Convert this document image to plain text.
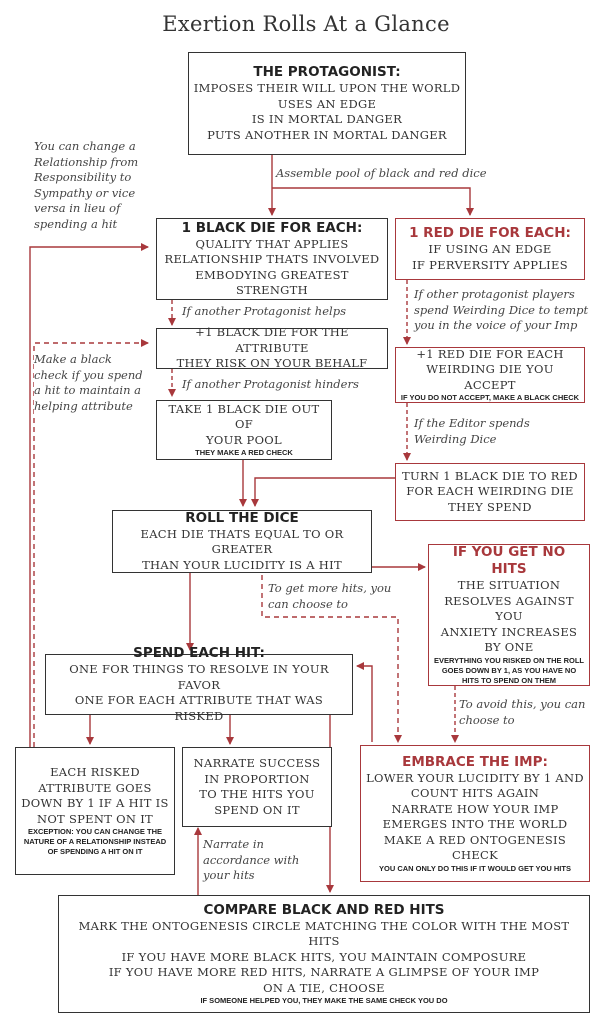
Exertion Rolls At a Glance
THE PROTAGONIST:
IMPOSES THEIR WILL UPON THE WORLD
USES AN EDGE
IS IN MORTAL DANGER
PUTS ANOTHER IN MORTAL DANGER
Assemble pool of black and red dice
You can change a Relationship from Responsibility to Sympathy or vice versa in lieu of spending a hit	1 BLACK DIE FOR EACH:
QUALITY THAT APPLIES
RELATIONSHIP THATS INVOLVED
EMBODYING GREATEST STRENGTH
1 RED DIE FOR EACH:
IF USING AN EDGE
IF PERVERSITY APPLIES
If another Protagonist helps
Make a black check if you spend a hit to maintain a helping attribute
+1 BLACK DIE FOR THE ATTRIBUTE
THEY RISK ON YOUR BEHALF
If another Protagonist hinders
TAKE 1 BLACK DIE OUT OF
YOUR POOL
THEY MAKE A RED CHECK
If other protagonist players spend Weirding Dice to tempt you in the voice of your Imp
+1 RED DIE FOR EACH
WEIRDING DIE YOU ACCEPT
IF YOU DO NOT ACCEPT, MAKE A BLACK CHECK
If the Editor spends Weirding Dice
TURN 1 BLACK DIE TO RED
FOR EACH WEIRDING DIE
THEY SPEND
ROLL THE DICE
EACH DIE THATS EQUAL TO OR GREATER
THAN YOUR LUCIDITY IS A HIT
To get more hits, you can choose to
IF YOU GET NO HITS
THE SITUATION
RESOLVES AGAINST YOU
ANXIETY INCREASES
BY ONE
EVERYTHING YOU RISKED ON THE ROLL GOES DOWN BY 1, AS YOU HAVE NO HITS TO SPEND ON THEM
SPEND EACH HIT:
ONE FOR THINGS TO RESOLVE IN YOUR FAVOR
ONE FOR EACH ATTRIBUTE THAT WAS RISKED
To avoid this, you can choose to
EACH RISKED
ATTRIBUTE GOES
DOWN BY 1 IF A HIT IS
NOT SPENT ON IT
EXCEPTION: YOU CAN CHANGE THE NATURE OF A RELATIONSHIP INSTEAD OF SPENDING A HIT ON IT
NARRATE SUCCESS
IN PROPORTION
TO THE HITS YOU
SPEND ON IT
Narrate in accordance with your hits
EMBRACE THE IMP:
LOWER YOUR LUCIDITY BY 1 AND
COUNT HITS AGAIN
NARRATE HOW YOUR IMP
EMERGES INTO THE WORLD
MAKE A RED ONTOGENESIS CHECK
YOU CAN ONLY DO THIS IF IT WOULD GET YOU HITS
COMPARE BLACK AND RED HITS
MARK THE ONTOGENESIS CIRCLE MATCHING THE COLOR WITH THE MOST HITS
IF YOU HAVE MORE BLACK HITS, YOU MAINTAIN COMPOSURE
IF YOU HAVE MORE RED HITS, NARRATE A GLIMPSE OF YOUR IMP
ON A TIE, CHOOSE
IF SOMEONE HELPED YOU, THEY MAKE THE SAME CHECK YOU DO
